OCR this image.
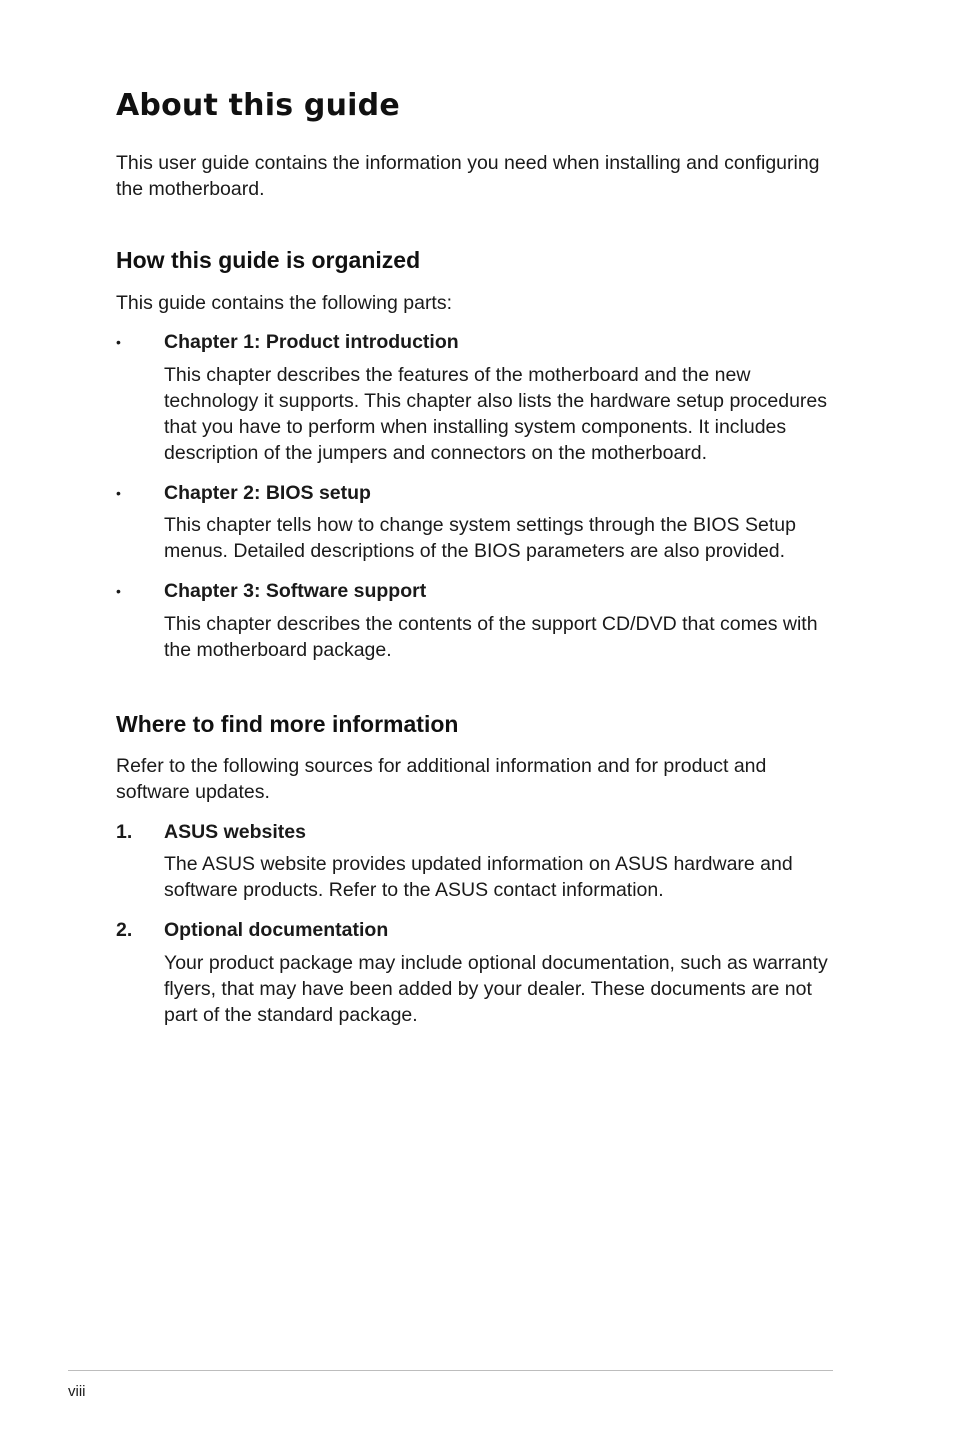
About this guide

This user guide contains the information you need when installing and configuring the motherboard.

How this guide is organized

This guide contains the following parts:

• Chapter 1: Product introduction

This chapter describes the features of the motherboard and the new technology it supports. This chapter also lists the hardware setup procedures that you have to perform when installing system components. It includes description of the jumpers and connectors on the motherboard.

• Chapter 2: BIOS setup

This chapter tells how to change system settings through the BIOS Setup menus. Detailed descriptions of the BIOS parameters are also provided.

• Chapter 3: Software support

This chapter describes the contents of the support CD/DVD that comes with the motherboard package.

Where to find more information

Refer to the following sources for additional information and for product and software updates.

1. ASUS websites

The ASUS website provides updated information on ASUS hardware and software products. Refer to the ASUS contact information.

2. Optional documentation

Your product package may include optional documentation, such as warranty flyers, that may have been added by your dealer. These documents are not part of the standard package.

viii
